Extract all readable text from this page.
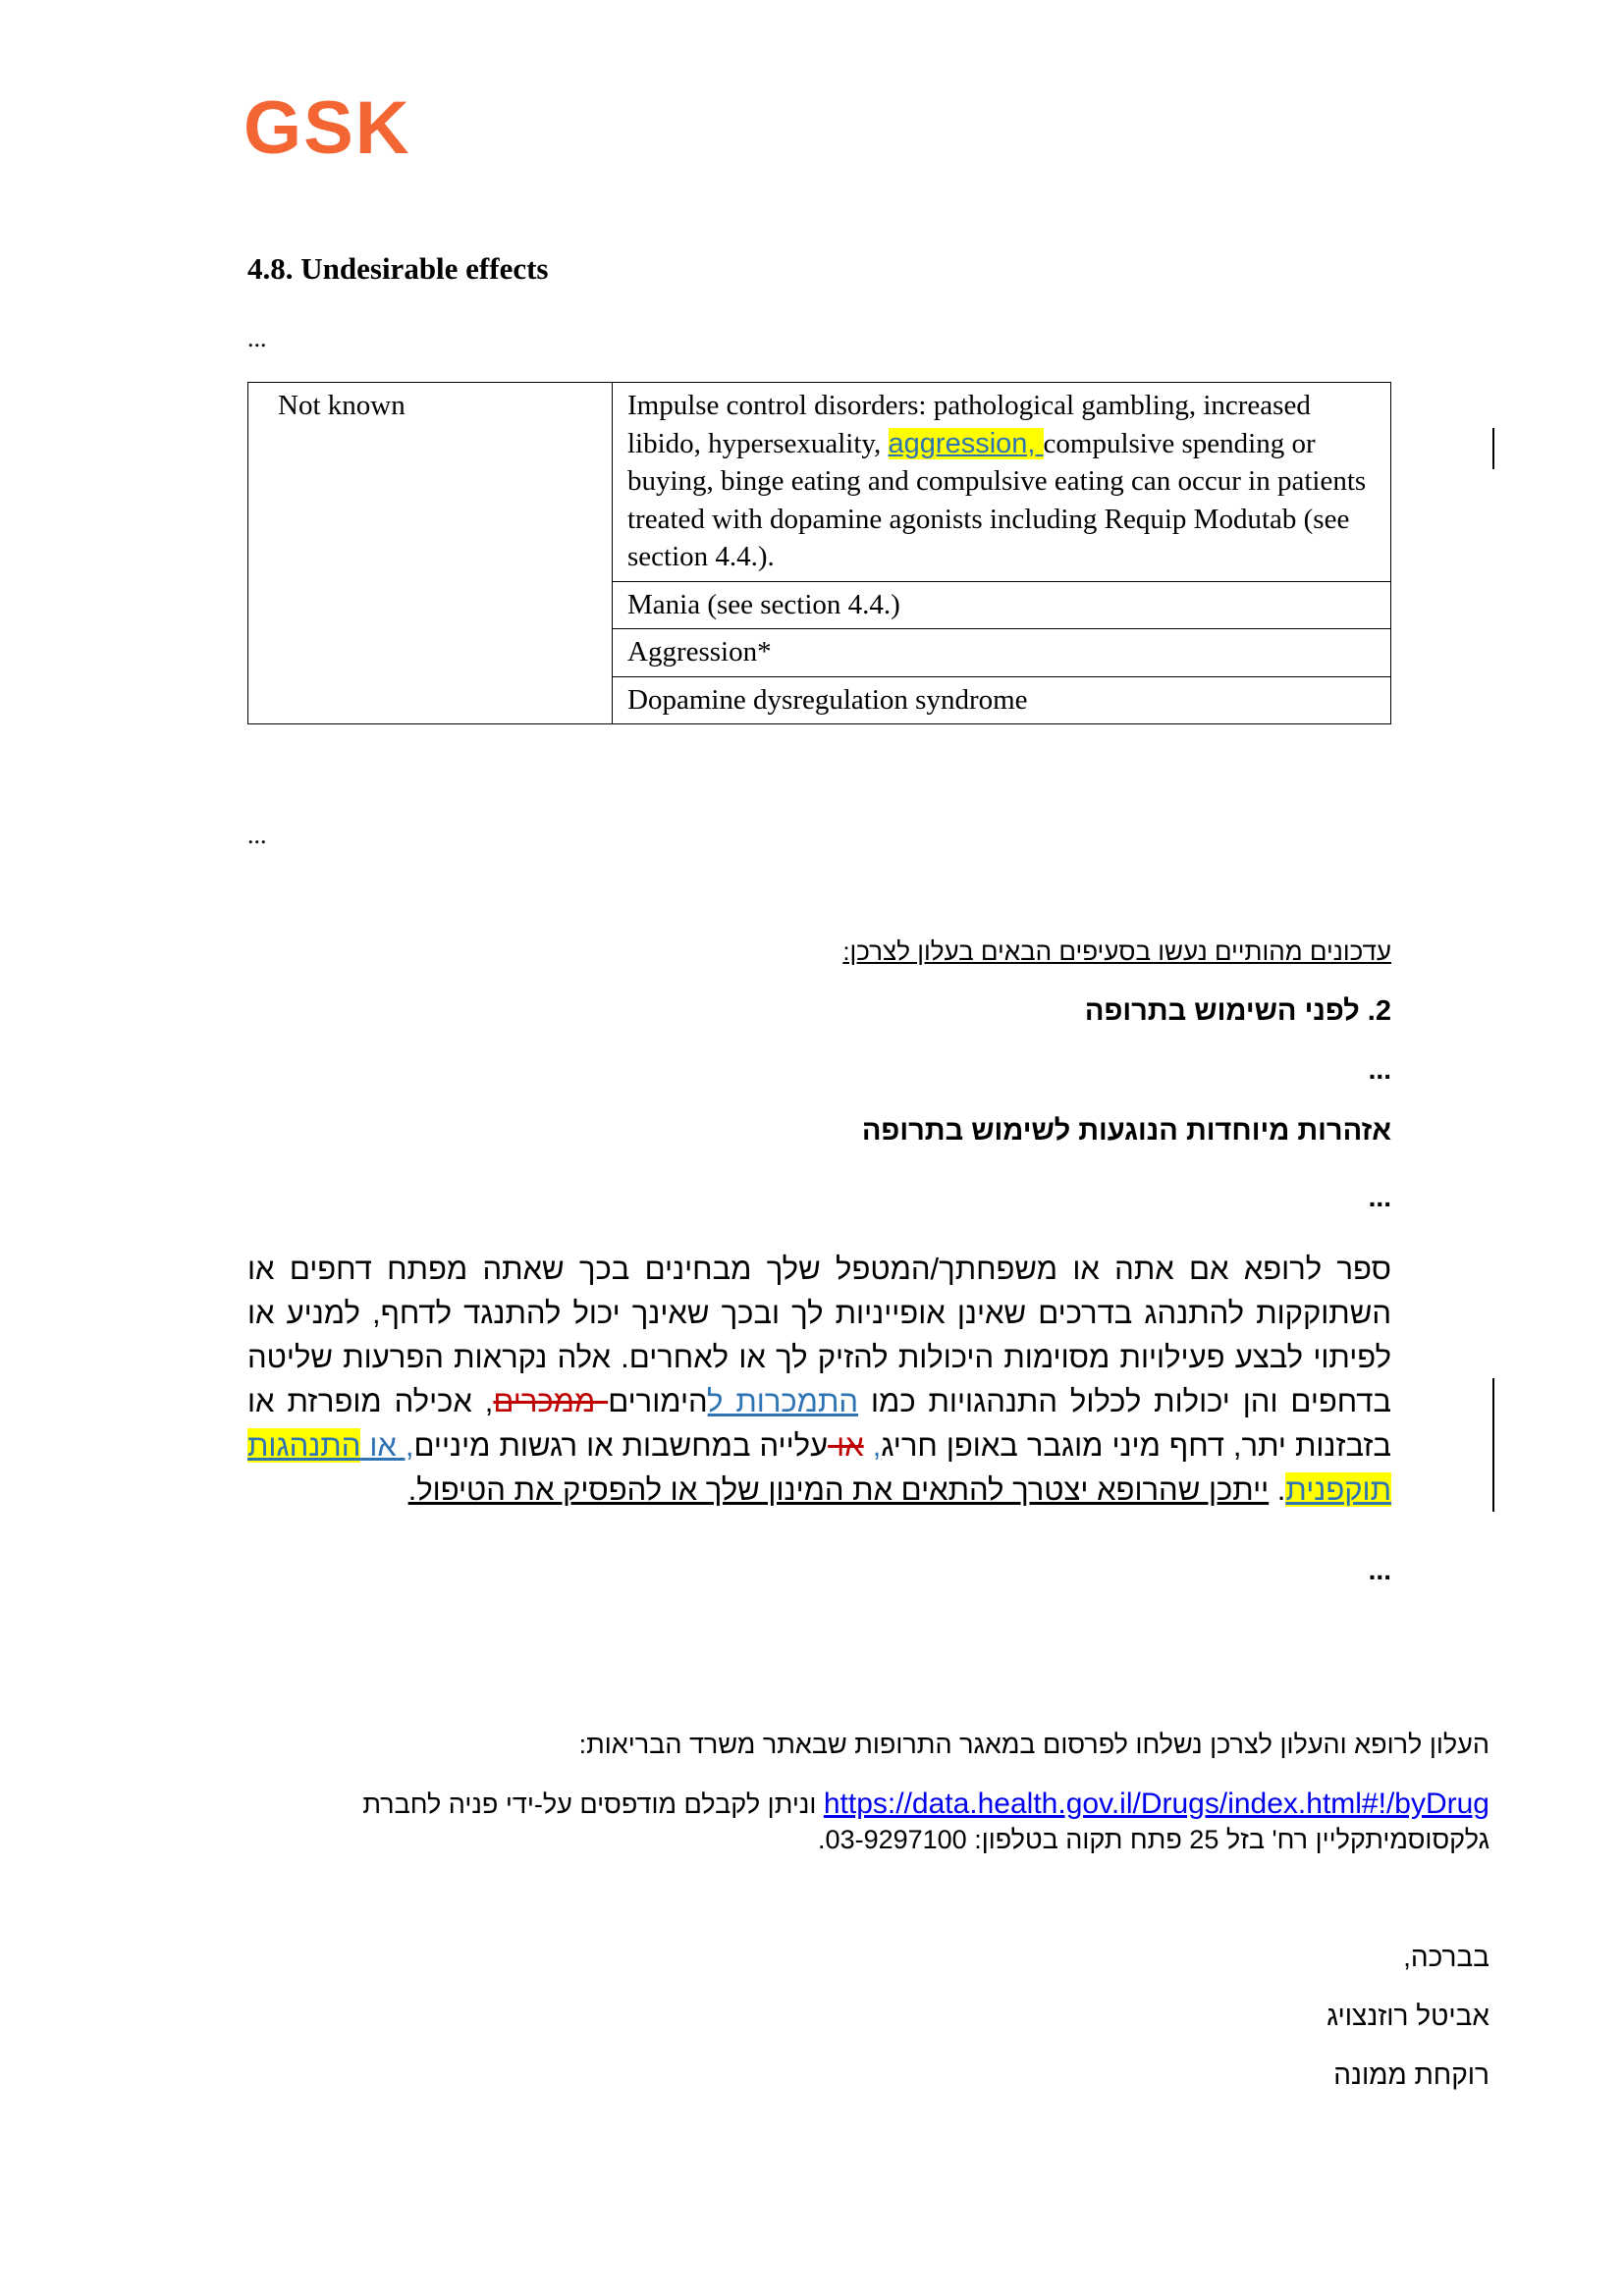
GSK
4.8. Undesirable effects
...
Not known	Impulse control disorders: pathological gambling, increased libido, hypersexuality, aggression, compulsive spending or buying, binge eating and compulsive eating can occur in patients treated with dopamine agonists including Requip Modutab (see section 4.4.).
Mania (see section 4.4.)
Aggression*
Dopamine dysregulation syndrome
...
עדכונים מהותיים נעשו בסעיפים הבאים בעלון לצרכן:
2. לפני השימוש בתרופה
...
אזהרות מיוחדות הנוגעות לשימוש בתרופה
...
ספר לרופא אם אתה או משפחתך/המטפל שלך מבחינים בכך שאתה מפתח דחפים או השתוקקות להתנהג בדרכים שאינן אופייניות לך ובכך שאינך יכול להתנגד לדחף, למניע או לפיתוי לבצע פעילויות מסוימות היכולות להזיק לך או לאחרים. אלה נקראות הפרעות שליטה בדחפים והן יכולות לכלול התנהגויות כמו התמכרות להימורים ממכרים, אכילה מופרזת או בזבזנות יתר, דחף מיני מוגבר באופן חריג, או עלייה במחשבות או רגשות מיניים, או התנהגות תוקפנית. ייתכן שהרופא יצטרך להתאים את המינון שלך או להפסיק את הטיפול.
...
העלון לרופא והעלון לצרכן נשלחו לפרסום במאגר התרופות שבאתר משרד הבריאות:
https://data.health.gov.il/Drugs/index.html#!/byDrug וניתן לקבלם מודפסים על-ידי פניה לחברת גלקסוסמיתקליין רח' בזל 25 פתח תקוה בטלפון: 03-9297100.
בברכה,
אביטל רוזנצויג
רוקחת ממונה
